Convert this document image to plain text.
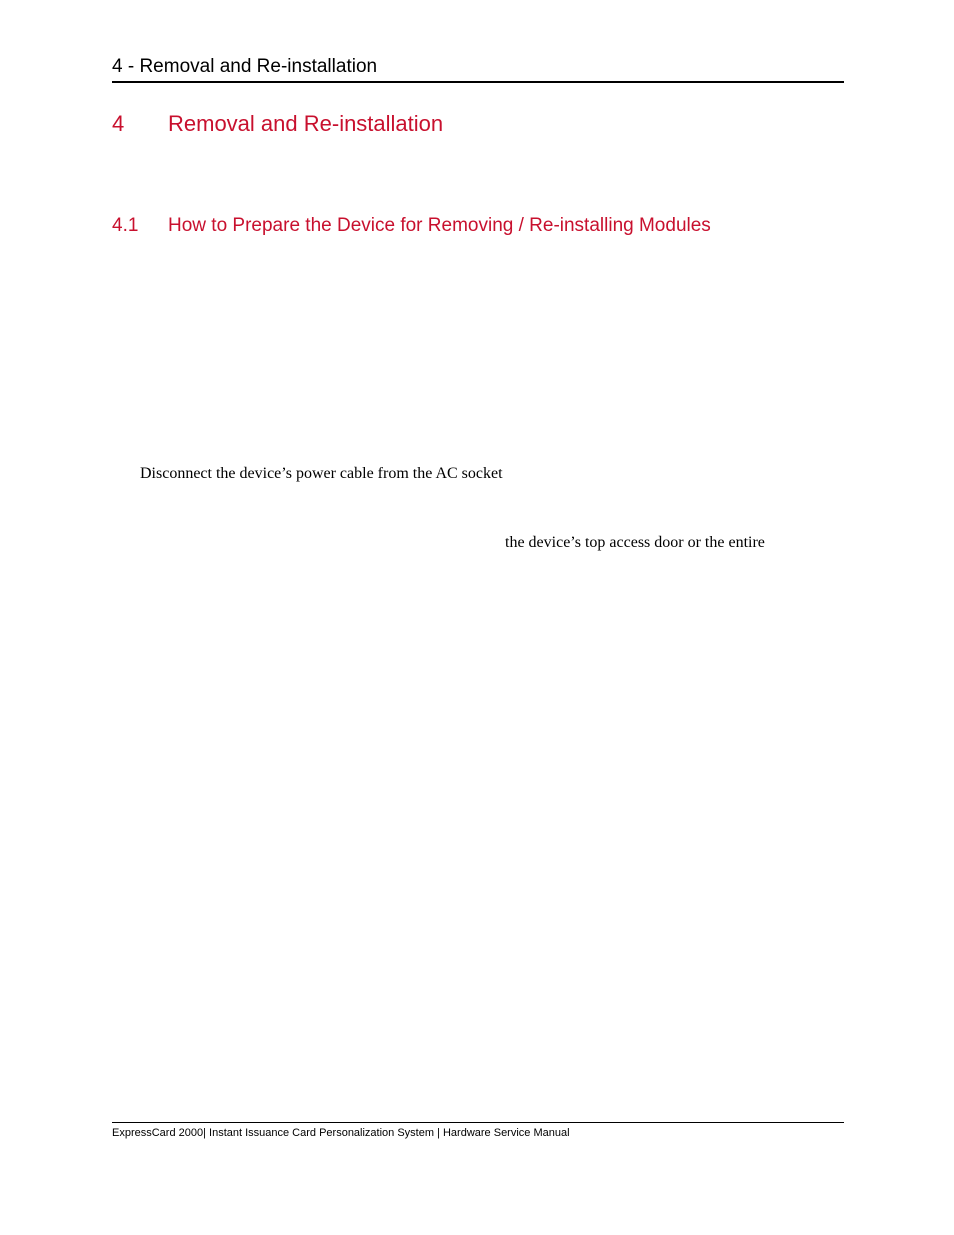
4 - Removal and Re-installation
4 Removal and Re-installation
4.1 How to Prepare the Device for Removing / Re-installing Modules
Disconnect the device’s power cable from the AC socket
the device’s top access door or the entire
ExpressCard 2000| Instant Issuance Card Personalization System | Hardware Service Manual
